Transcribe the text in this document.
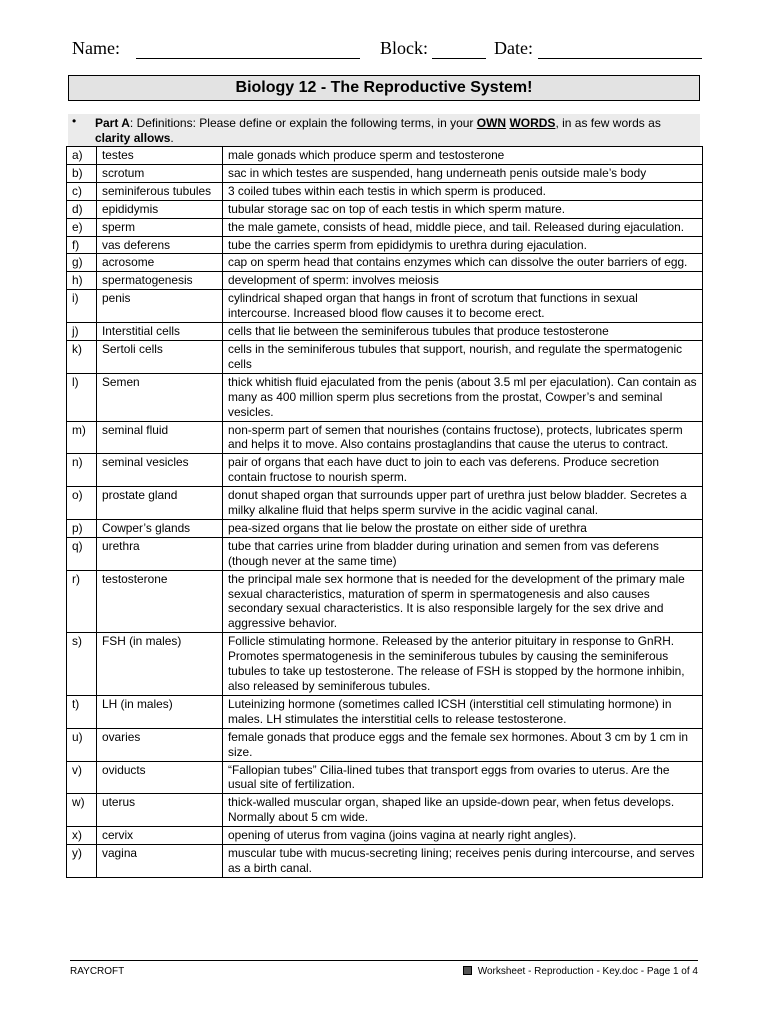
Name:	Block:	Date:
Biology 12 - The Reproductive System!
• Part A: Definitions: Please define or explain the following terms, in your OWN WORDS, in as few words as clarity allows.
a)	testes	male gonads which produce sperm and testosterone
b)	scrotum	sac in which testes are suspended, hang underneath penis outside male’s body
c)	seminiferous tubules	3 coiled tubes within each testis in which sperm is produced.
d)	epididymis	tubular storage sac on top of each testis in which sperm mature.
e)	sperm	the male gamete, consists of head, middle piece, and tail. Released during ejaculation.
f)	vas deferens	tube the carries sperm from epididymis to urethra during ejaculation.
g)	acrosome	cap on sperm head that contains enzymes which can dissolve the outer barriers of egg.
h)	spermatogenesis	development of sperm: involves meiosis
i)	penis	cylindrical shaped organ that hangs in front of scrotum that functions in sexual intercourse. Increased blood flow causes it to become erect.
j)	Interstitial cells	cells that lie between the seminiferous tubules that produce testosterone
k)	Sertoli cells	cells in the seminiferous tubules that support, nourish, and regulate the spermatogenic cells
l)	Semen	thick whitish fluid ejaculated from the penis (about 3.5 ml per ejaculation). Can contain as many as 400 million sperm plus secretions from the prostat, Cowper’s and seminal vesicles.
m)	seminal fluid	non-sperm part of semen that nourishes (contains fructose), protects, lubricates sperm and helps it to move. Also contains prostaglandins that cause the uterus to contract.
n)	seminal vesicles	pair of organs that each have duct to join to each vas deferens. Produce secretion contain fructose to nourish sperm.
o)	prostate gland	donut shaped organ that surrounds upper part of urethra just below bladder. Secretes a milky alkaline fluid that helps sperm survive in the acidic vaginal canal.
p)	Cowper’s glands	pea-sized organs that lie below the prostate on either side of urethra
q)	urethra	tube that carries urine from bladder during urination and semen from vas deferens (though never at the same time)
r)	testosterone	the principal male sex hormone that is needed for the development of the primary male sexual characteristics, maturation of sperm in spermatogenesis and also causes secondary sexual characteristics. It is also responsible largely for the sex drive and aggressive behavior.
s)	FSH (in males)	Follicle stimulating hormone. Released by the anterior pituitary in response to GnRH. Promotes spermatogenesis in the seminiferous tubules by causing the seminiferous tubules to take up testosterone. The release of FSH is stopped by the hormone inhibin, also released by seminiferous tubules.
t)	LH (in males)	Luteinizing hormone (sometimes called ICSH (interstitial cell stimulating hormone) in males. LH stimulates the interstitial cells to release testosterone.
u)	ovaries	female gonads that produce eggs and the female sex hormones. About 3 cm by 1 cm in size.
v)	oviducts	“Fallopian tubes” Cilia-lined tubes that transport eggs from ovaries to uterus. Are the usual site of fertilization.
w)	uterus	thick-walled muscular organ, shaped like an upside-down pear, when fetus develops. Normally about 5 cm wide.
x)	cervix	opening of uterus from vagina (joins vagina at nearly right angles).
y)	vagina	muscular tube with mucus-secreting lining; receives penis during intercourse, and serves as a birth canal.
RAYCROFT	Worksheet - Reproduction - Key.doc - Page 1 of 4
